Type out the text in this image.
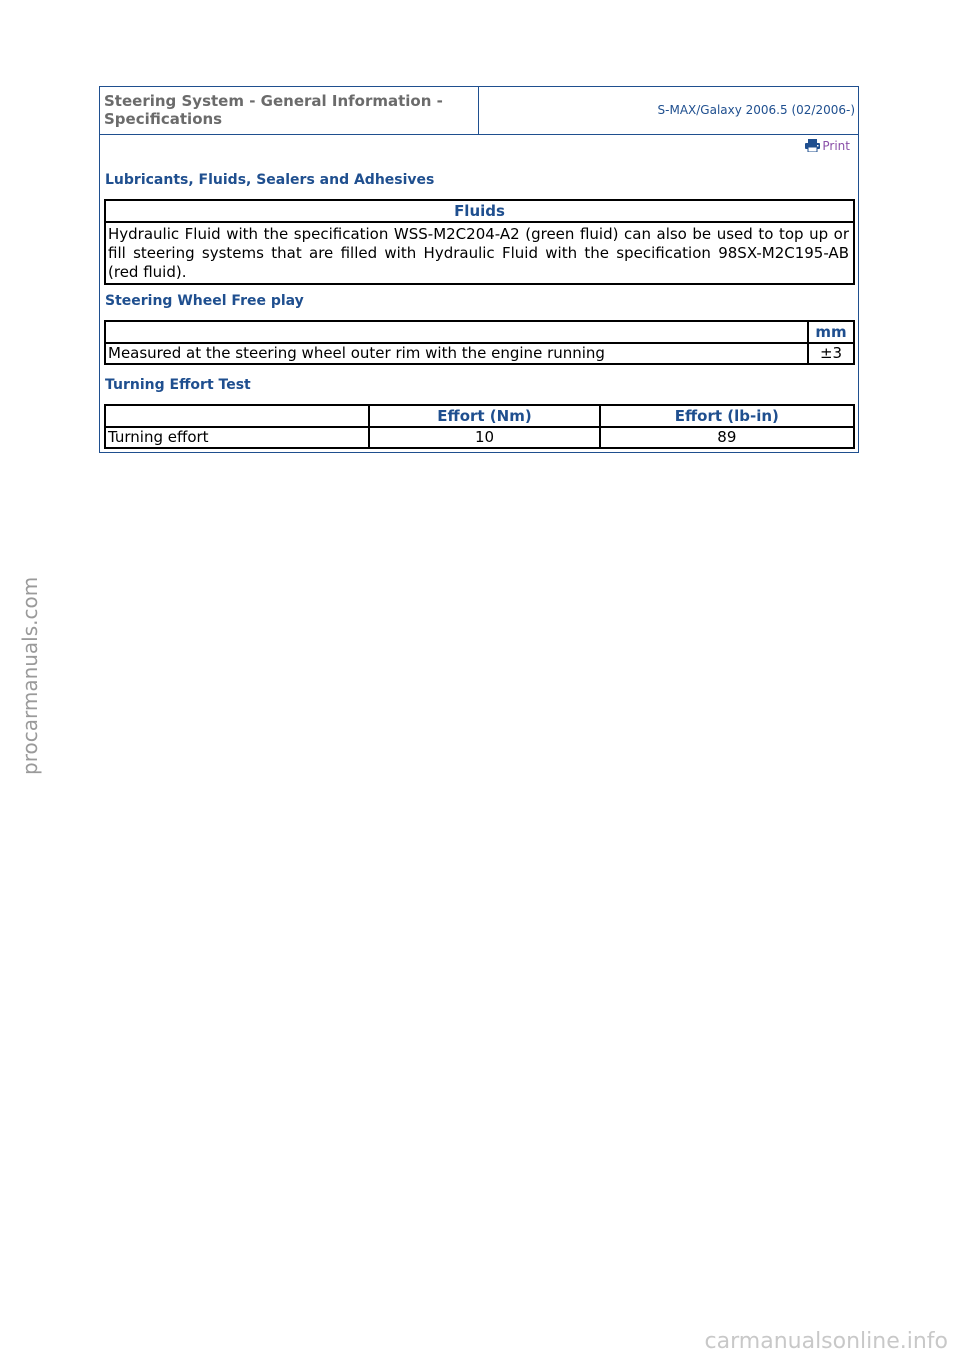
Steering System - General Information - Specifications	S-MAX/Galaxy 2006.5 (02/2006-)
Print
Lubricants, Fluids, Sealers and Adhesives
Fluids
Hydraulic Fluid with the specification WSS-M2C204-A2 (green fluid) can also be used to top up or fill steering systems that are filled with Hydraulic Fluid with the specification 98SX-M2C195-AB (red fluid).
Steering Wheel Free play
	mm
Measured at the steering wheel outer rim with the engine running	±3
Turning Effort Test
	Effort (Nm)	Effort (lb-in)
Turning effort	10	89
procarmanuals.com
carmanualsonline.info
